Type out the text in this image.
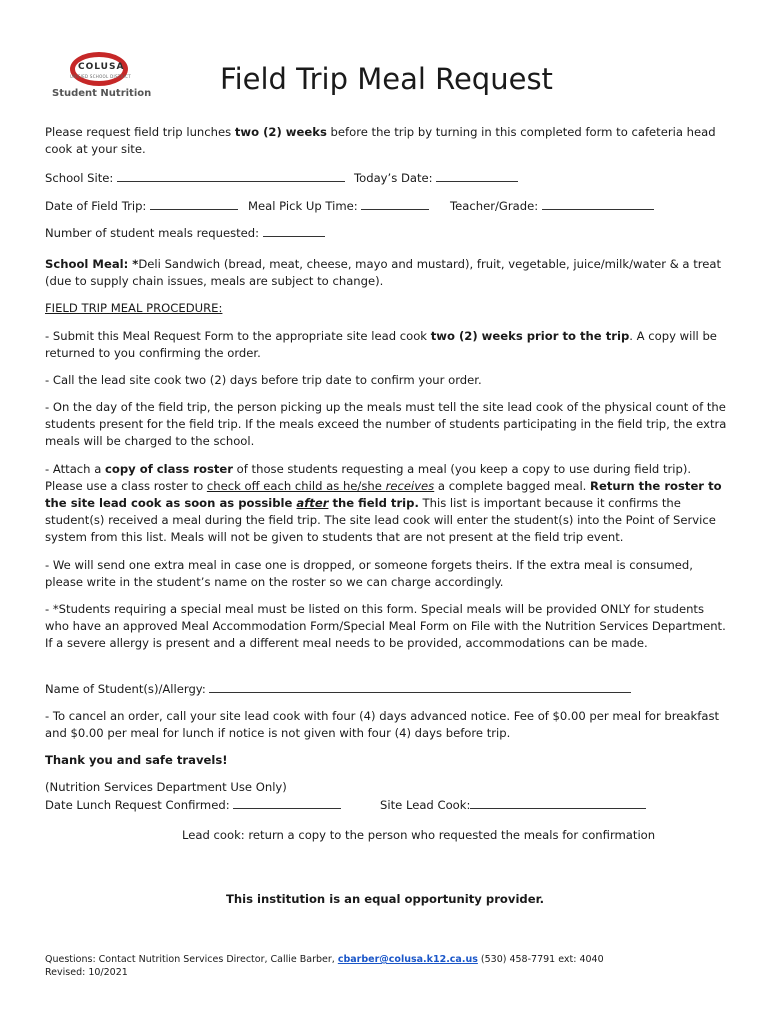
COLUSA
UNIFIED SCHOOL DISTRICT
Student Nutrition Field Trip Meal Request

Please request field trip lunches two (2) weeks before the trip by turning in this completed form to cafeteria head cook at your site.

School Site:	Today’s Date:
Date of Field Trip:	Meal Pick Up Time:	Teacher/Grade:
Number of student meals requested:

School Meal: *Deli Sandwich (bread, meat, cheese, mayo and mustard), fruit, vegetable, juice/milk/water & a treat (due to supply chain issues, meals are subject to change).

FIELD TRIP MEAL PROCEDURE:

- Submit this Meal Request Form to the appropriate site lead cook two (2) weeks prior to the trip. A copy will be returned to you confirming the order.

- Call the lead site cook two (2) days before trip date to confirm your order.

- On the day of the field trip, the person picking up the meals must tell the site lead cook of the physical count of the students present for the field trip. If the meals exceed the number of students participating in the field trip, the extra meals will be charged to the school.

- Attach a copy of class roster of those students requesting a meal (you keep a copy to use during field trip). Please use a class roster to check off each child as he/she receives a complete bagged meal. Return the roster to the site lead cook as soon as possible after the field trip. This list is important because it confirms the student(s) received a meal during the field trip. The site lead cook will enter the student(s) into the Point of Service system from this list. Meals will not be given to students that are not present at the field trip event.

- We will send one extra meal in case one is dropped, or someone forgets theirs. If the extra meal is consumed, please write in the student’s name on the roster so we can charge accordingly.

- *Students requiring a special meal must be listed on this form. Special meals will be provided ONLY for students who have an approved Meal Accommodation Form/Special Meal Form on File with the Nutrition Services Department. If a severe allergy is present and a different meal needs to be provided, accommodations can be made.

Name of Student(s)/Allergy:

- To cancel an order, call your site lead cook with four (4) days advanced notice. Fee of $0.00 per meal for breakfast and $0.00 per meal for lunch if notice is not given with four (4) days before trip.

Thank you and safe travels!

(Nutrition Services Department Use Only)

Date Lunch Request Confirmed:	Site Lead Cook:
Lead cook: return a copy to the person who requested the meals for confirmation
This institution is an equal opportunity provider.
Questions: Contact Nutrition Services Director, Callie Barber, cbarber@colusa.k12.ca.us (530) 458-7791 ext: 4040
Revised: 10/2021
